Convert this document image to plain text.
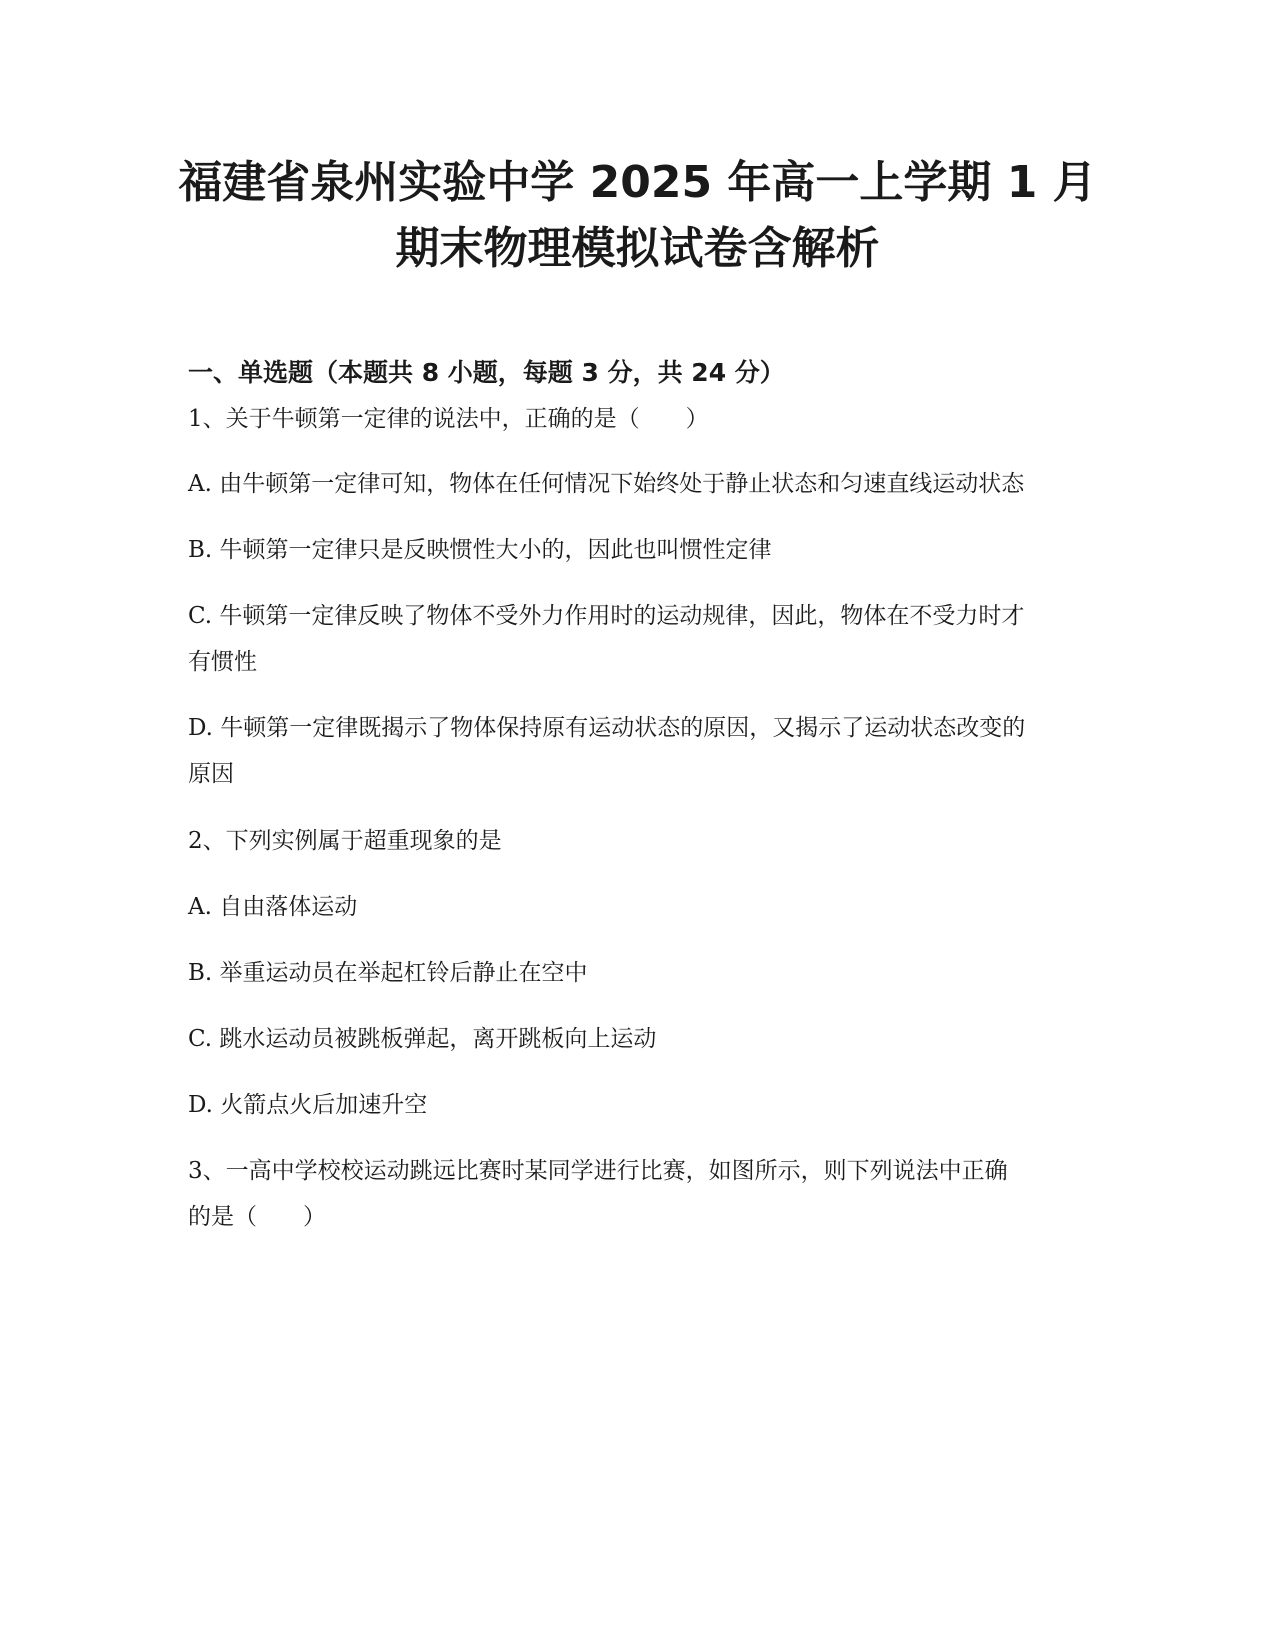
福建省泉州实验中学 2025 年高一上学期 1 月
期末物理模拟试卷含解析
一、单选题（本题共 8 小题，每题 3 分，共 24 分）

1、关于牛顿第一定律的说法中，正确的是（　　）

A. 由牛顿第一定律可知，物体在任何情况下始终处于静止状态和匀速直线运动状态

B. 牛顿第一定律只是反映惯性大小的，因此也叫惯性定律

C. 牛顿第一定律反映了物体不受外力作用时的运动规律，因此，物体在不受力时才

有惯性

D. 牛顿第一定律既揭示了物体保持原有运动状态的原因，又揭示了运动状态改变的

原因

2、下列实例属于超重现象的是

A. 自由落体运动

B. 举重运动员在举起杠铃后静止在空中

C. 跳水运动员被跳板弹起，离开跳板向上运动

D. 火箭点火后加速升空

3、一高中学校校运动跳远比赛时某同学进行比赛，如图所示，则下列说法中正确

的是（　　）
